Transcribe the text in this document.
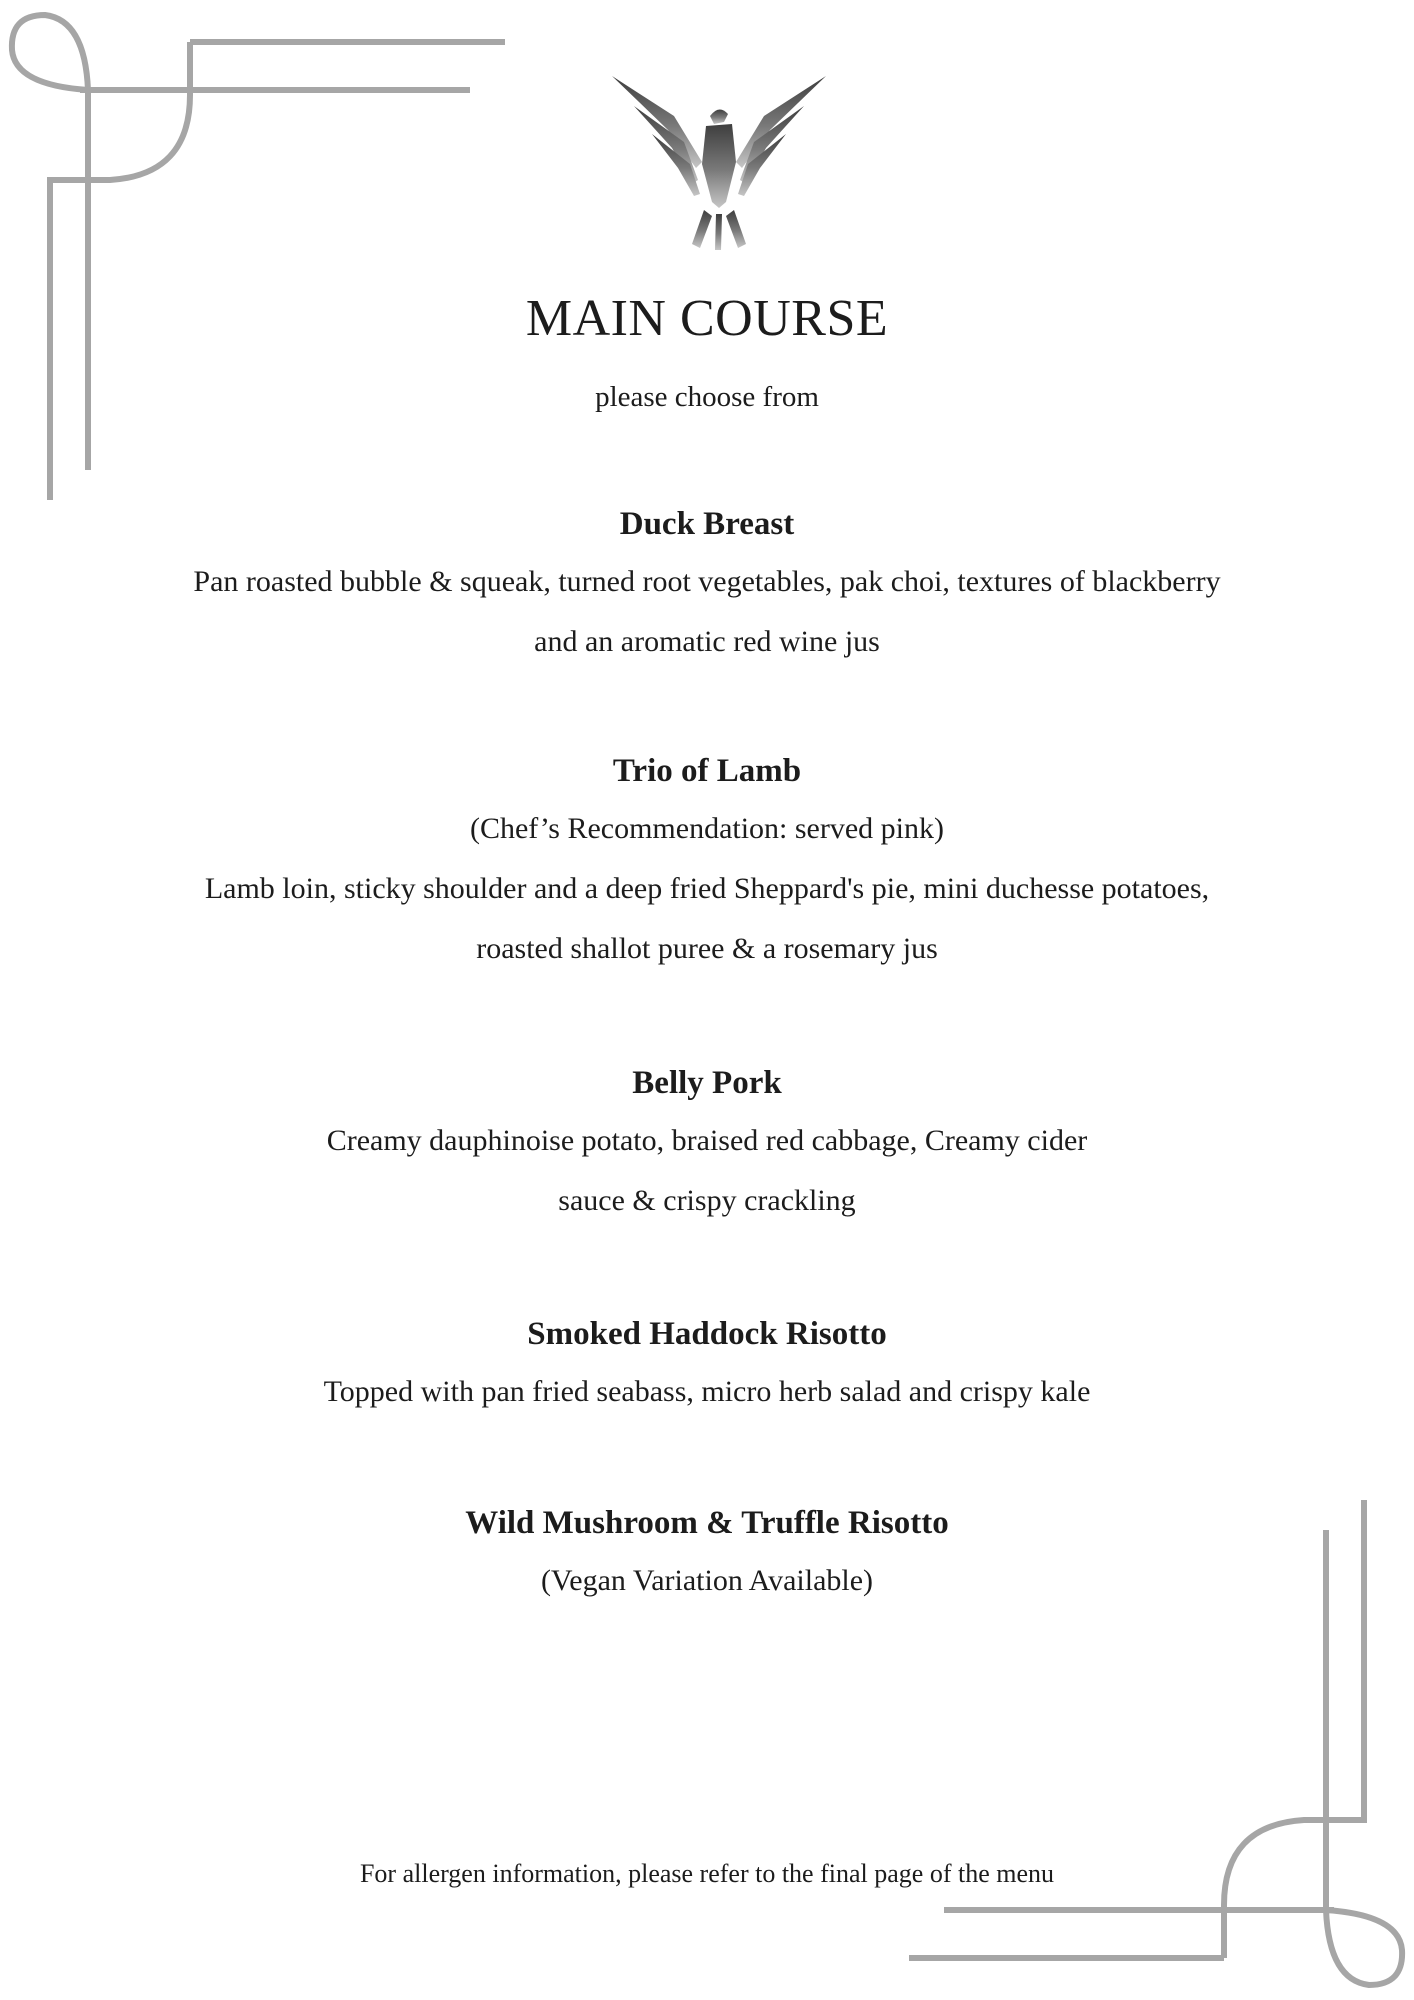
MAIN COURSE
please choose from
Duck Breast
Pan roasted bubble & squeak, turned root vegetables, pak choi, textures of blackberry
and an aromatic red wine jus
Trio of Lamb
(Chef’s Recommendation: served pink)
Lamb loin, sticky shoulder and a deep fried Sheppard's pie, mini duchesse potatoes,
roasted shallot puree & a rosemary jus
Belly Pork
Creamy dauphinoise potato, braised red cabbage, Creamy cider
sauce & crispy crackling
Smoked Haddock Risotto
Topped with pan fried seabass, micro herb salad and crispy kale
Wild Mushroom & Truffle Risotto
(Vegan Variation Available)
For allergen information, please refer to the final page of the menu
